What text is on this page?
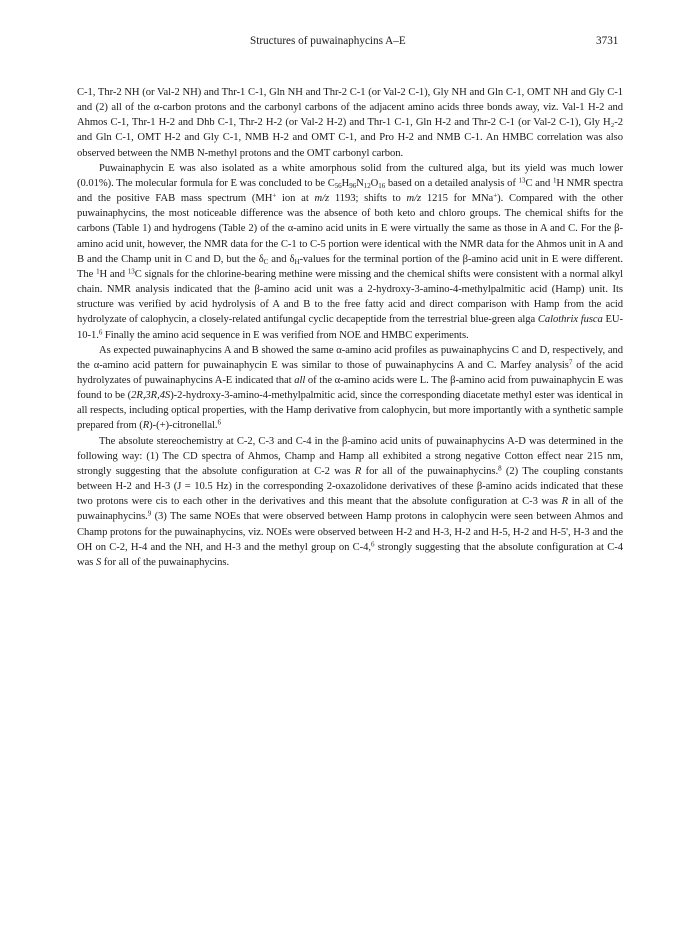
Structures of puwainaphycins A–E	3731

C-1, Thr-2 NH (or Val-2 NH) and Thr-1 C-1, Gln NH and Thr-2 C-1 (or Val-2 C-1), Gly NH and Gln C-1, OMT NH and Gly C-1 and (2) all of the α-carbon protons and the carbonyl carbons of the adjacent amino acids three bonds away, viz. Val-1 H-2 and Ahmos C-1, Thr-1 H-2 and Dhb C-1, Thr-2 H-2 (or Val-2 H-2) and Thr-1 C-1, Gln H-2 and Thr-2 C-1 (or Val-2 C-1), Gly H₂-2 and Gln C-1, OMT H-2 and Gly C-1, NMB H-2 and OMT C-1, and Pro H-2 and NMB C-1. An HMBC correlation was also observed between the NMB N-methyl protons and the OMT carbonyl carbon.

Puwainaphycin E was also isolated as a white amorphous solid from the cultured alga, but its yield was much lower (0.01%). The molecular formula for E was concluded to be $C_{56}H_{96}N_{12}O_{16}$ based on a detailed analysis of $^{13}$C and $^1$H NMR spectra and the positive FAB mass spectrum (MH+ ion at m/z 1193; shifts to m/z 1215 for MNa+). Compared with the other puwainaphycins, the most noticeable difference was the absence of both keto and chloro groups. The chemical shifts for the carbons (Table 1) and hydrogens (Table 2) of the α-amino acid units in E were virtually the same as those in A and C. For the β-amino acid unit, however, the NMR data for the C-1 to C-5 portion were identical with the NMR data for the Ahmos unit in A and B and the Champ unit in C and D, but the $\delta_C$ and $\delta_H$-values for the terminal portion of the β-amino acid unit in E were different. The $^1$H and $^{13}$C signals for the chlorine-bearing methine were missing and the chemical shifts were consistent with a normal alkyl chain. NMR analysis indicated that the β-amino acid unit was a 2-hydroxy-3-amino-4-methylpalmitic acid (Hamp) unit. Its structure was verified by acid hydrolysis of A and B to the free fatty acid and direct comparison with Hamp from the acid hydrolyzate of calophycin, a closely-related antifungal cyclic decapeptide from the terrestrial blue-green alga Calothrix fusca EU-10-1.$^6$ Finally the amino acid sequence in E was verified from NOE and HMBC experiments.

As expected puwainaphycins A and B showed the same α-amino acid profiles as puwainaphycins C and D, respectively, and the α-amino acid pattern for puwainaphycin E was similar to those of puwainaphycins A and C. Marfey analysis$^7$ of the acid hydrolyzates of puwainaphycins A-E indicated that all of the α-amino acids were L. The β-amino acid from puwainaphycin E was found to be (2R,3R,4S)-2-hydroxy-3-amino-4-methylpalmitic acid, since the corresponding diacetate methyl ester was identical in all respects, including optical properties, with the Hamp derivative from calophycin, but more importantly with a synthetic sample prepared from (R)-(+)-citronellal.$^6$

The absolute stereochemistry at C-2, C-3 and C-4 in the β-amino acid units of puwainaphycins A-D was determined in the following way: (1) The CD spectra of Ahmos, Champ and Hamp all exhibited a strong negative Cotton effect near 215 nm, strongly suggesting that the absolute configuration at C-2 was R for all of the puwainaphycins.$^8$ (2) The coupling constants between H-2 and H-3 (J = 10.5 Hz) in the corresponding 2-oxazolidone derivatives of these β-amino acids indicated that these two protons were cis to each other in the derivatives and this meant that the absolute configuration at C-3 was R in all of the puwainaphycins.$^9$ (3) The same NOEs that were observed between Hamp protons in calophycin were seen between Ahmos and Champ protons for the puwainaphycins, viz. NOEs were observed between H-2 and H-3, H-2 and H-5, H-2 and H-5', H-3 and the OH on C-2, H-4 and the NH, and H-3 and the methyl group on C-4,$^6$ strongly suggesting that the absolute configuration at C-4 was S for all of the puwainaphycins.
